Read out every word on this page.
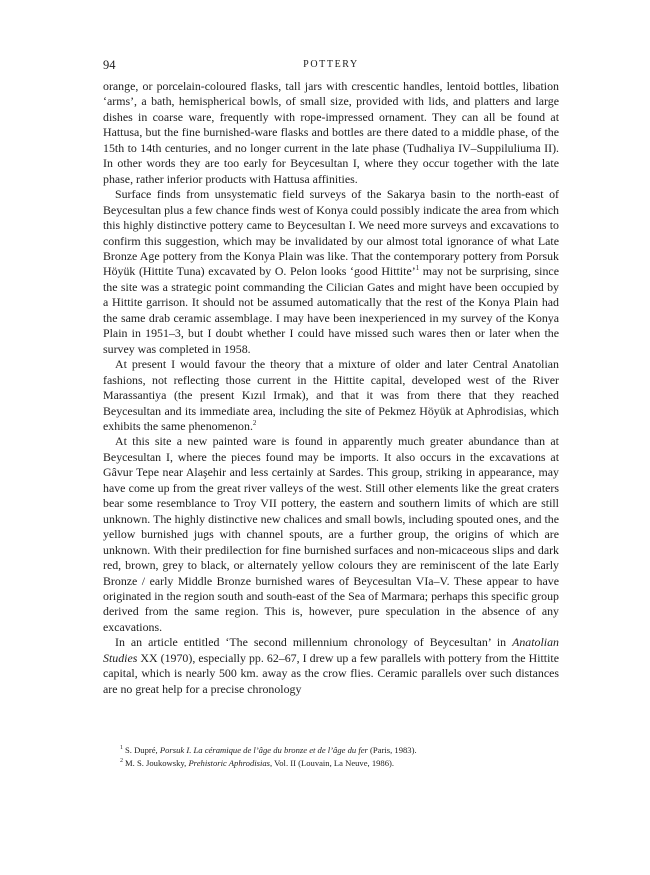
94	POTTERY

orange, or porcelain-coloured flasks, tall jars with crescentic handles, lentoid bottles, libation ‘arms’, a bath, hemispherical bowls, of small size, provided with lids, and platters and large dishes in coarse ware, frequently with rope-impressed ornament. They can all be found at Hattusa, but the fine burnished-ware flasks and bottles are there dated to a middle phase, of the 15th to 14th centuries, and no longer current in the late phase (Tudhaliya IV–Suppiluliuma II). In other words they are too early for Beycesultan I, where they occur together with the late phase, rather inferior products with Hattusa affinities.

Surface finds from unsystematic field surveys of the Sakarya basin to the north-east of Beycesultan plus a few chance finds west of Konya could possibly indicate the area from which this highly distinctive pottery came to Beycesultan I. We need more surveys and excavations to confirm this suggestion, which may be invalidated by our almost total ignorance of what Late Bronze Age pottery from the Konya Plain was like. That the contemporary pottery from Porsuk Höyük (Hittite Tuna) excavated by O. Pelon looks ‘good Hittite’$^1$ may not be surprising, since the site was a strategic point commanding the Cilician Gates and might have been occupied by a Hittite garrison. It should not be assumed automatically that the rest of the Konya Plain had the same drab ceramic assemblage. I may have been inexperienced in my survey of the Konya Plain in 1951–3, but I doubt whether I could have missed such wares then or later when the survey was completed in 1958.

At present I would favour the theory that a mixture of older and later Central Anatolian fashions, not reflecting those current in the Hittite capital, developed west of the River Marassantiya (the present Kızıl Irmak), and that it was from there that they reached Beycesultan and its immediate area, including the site of Pekmez Höyük at Aphrodisias, which exhibits the same phenomenon.$^2$

At this site a new painted ware is found in apparently much greater abundance than at Beycesultan I, where the pieces found may be imports. It also occurs in the excavations at Gâvur Tepe near Alaşehir and less certainly at Sardes. This group, striking in appearance, may have come up from the great river valleys of the west. Still other elements like the great craters bear some resemblance to Troy VII pottery, the eastern and southern limits of which are still unknown. The highly distinctive new chalices and small bowls, including spouted ones, and the yellow burnished jugs with channel spouts, are a further group, the origins of which are unknown. With their predilection for fine burnished surfaces and non-micaceous slips and dark red, brown, grey to black, or alternately yellow colours they are reminiscent of the late Early Bronze / early Middle Bronze burnished wares of Beycesultan VIa–V. These appear to have originated in the region south and south-east of the Sea of Marmara; perhaps this specific group derived from the same region. This is, however, pure speculation in the absence of any excavations.

In an article entitled ‘The second millennium chronology of Beycesultan’ in Anatolian Studies XX (1970), especially pp. 62–67, I drew up a few parallels with pottery from the Hittite capital, which is nearly 500 km. away as the crow flies. Ceramic parallels over such distances are no great help for a precise chronology

$^1$ S. Dupré, Porsuk I. La céramique de l’âge du bronze et de l’âge du fer (Paris, 1983).

$^2$ M. S. Joukowsky, Prehistoric Aphrodisias, Vol. II (Louvain, La Neuve, 1986).
